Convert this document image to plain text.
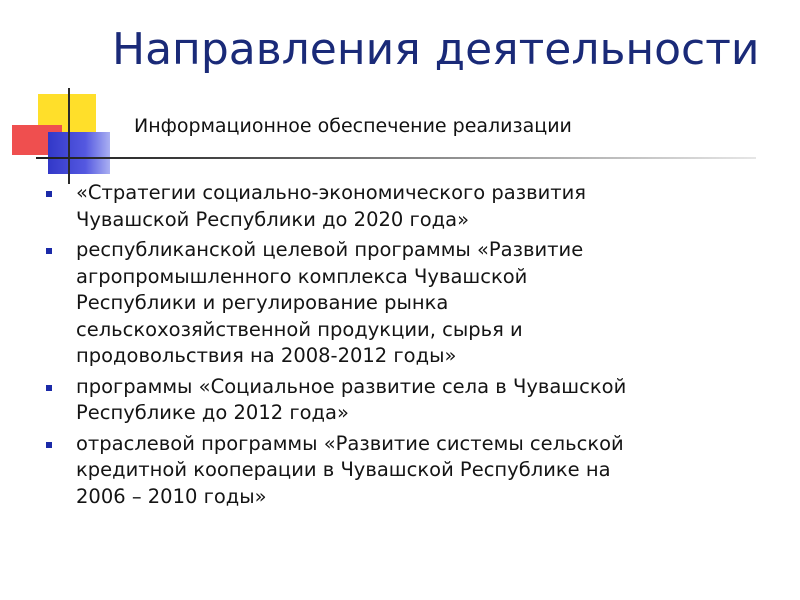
Направления деятельности
Информационное обеспечение реализации
«Стратегии социально-экономического развития
Чувашской Республики до 2020 года»
республиканской целевой программы «Развитие
агропромышленного комплекса Чувашской
Республики и регулирование рынка
сельскохозяйственной продукции, сырья и
продовольствия на 2008-2012 годы»
программы «Социальное развитие села в Чувашской
Республике до 2012 года»
отраслевой программы «Развитие системы сельской
кредитной кооперации в Чувашской Республике на
2006 – 2010 годы»
